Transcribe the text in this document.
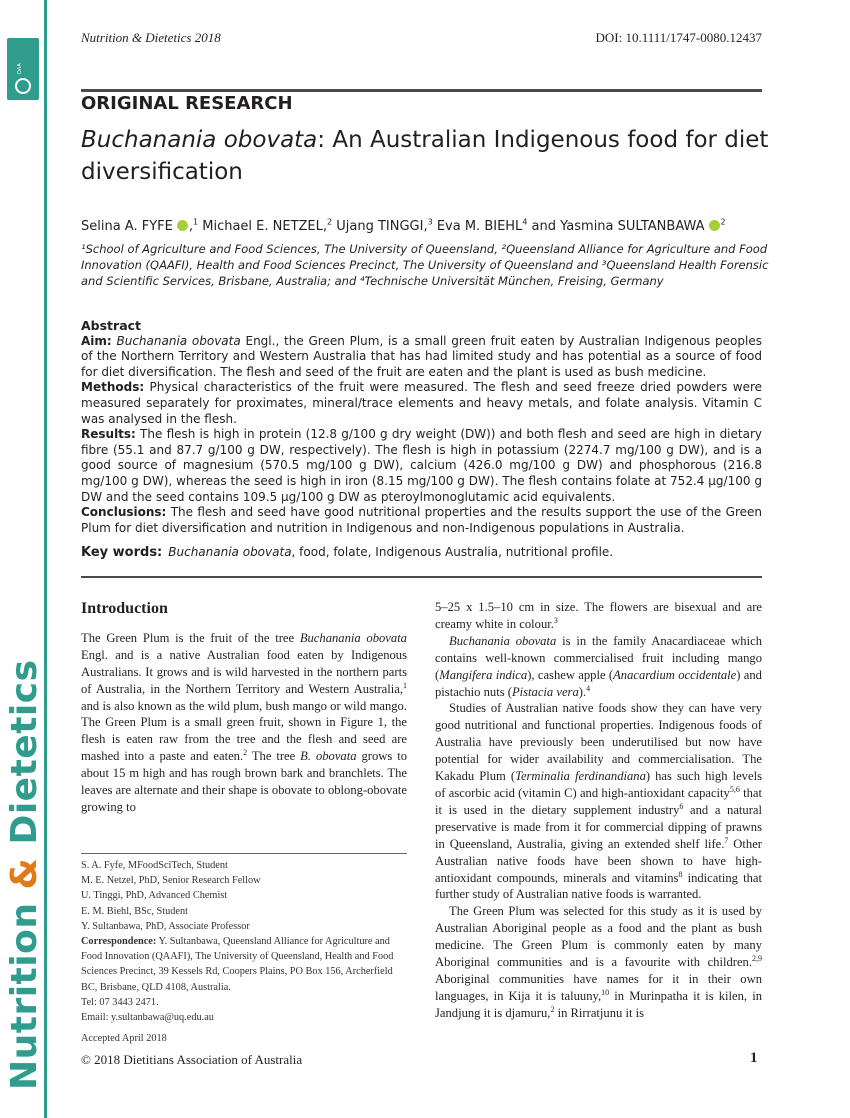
DAA
Nutrition & Dietetics
Nutrition & Dietetics 2018	DOI: 10.1111/1747-0080.12437
ORIGINAL RESEARCH
Buchanania obovata: An Australian Indigenous food for diet diversification
Selina A. FYFE ,$^1$ Michael E. NETZEL,$^2$ Ujang TINGGI,$^3$ Eva M. BIEHL$^4$ and Yasmina SULTANBAWA $^2$
¹School of Agriculture and Food Sciences, The University of Queensland, ²Queensland Alliance for Agriculture and Food Innovation (QAAFI), Health and Food Sciences Precinct, The University of Queensland and ³Queensland Health Forensic and Scientific Services, Brisbane, Australia; and ⁴Technische Universität München, Freising, Germany
Abstract

Aim: Buchanania obovata Engl., the Green Plum, is a small green fruit eaten by Australian Indigenous peoples of the Northern Territory and Western Australia that has had limited study and has potential as a source of food for diet diversification. The flesh and seed of the fruit are eaten and the plant is used as bush medicine.

Methods: Physical characteristics of the fruit were measured. The flesh and seed freeze dried powders were measured separately for proximates, mineral/trace elements and heavy metals, and folate analysis. Vitamin C was analysed in the flesh.

Results: The flesh is high in protein (12.8 g/100 g dry weight (DW)) and both flesh and seed are high in dietary fibre (55.1 and 87.7 g/100 g DW, respectively). The flesh is high in potassium (2274.7 mg/100 g DW), and is a good source of magnesium (570.5 mg/100 g DW), calcium (426.0 mg/100 g DW) and phosphorous (216.8 mg/100 g DW), whereas the seed is high in iron (8.15 mg/100 g DW). The flesh contains folate at 752.4 μg/100 g DW and the seed contains 109.5 μg/100 g DW as pteroylmonoglutamic acid equivalents.

Conclusions: The flesh and seed have good nutritional properties and the results support the use of the Green Plum for diet diversification and nutrition in Indigenous and non-Indigenous populations in Australia.

Key words: Buchanania obovata, food, folate, Indigenous Australia, nutritional profile.
Introduction

The Green Plum is the fruit of the tree Buchanania obovata Engl. and is a native Australian food eaten by Indigenous Australians. It grows and is wild harvested in the northern parts of Australia, in the Northern Territory and Western Australia,$^1$ and is also known as the wild plum, bush mango or wild mango. The Green Plum is a small green fruit, shown in Figure 1, the flesh is eaten raw from the tree and the flesh and seed are mashed into a paste and eaten.$^2$ The tree B. obovata grows to about 15 m high and has rough brown bark and branchlets. The leaves are alternate and their shape is obovate to oblong-obovate growing to

S. A. Fyfe, MFoodSciTech, Student
M. E. Netzel, PhD, Senior Research Fellow
U. Tinggi, PhD, Advanced Chemist
E. M. Biehl, BSc, Student
Y. Sultanbawa, PhD, Associate Professor
Correspondence: Y. Sultanbawa, Queensland Alliance for Agriculture and Food Innovation (QAAFI), The University of Queensland, Health and Food Sciences Precinct, 39 Kessels Rd, Coopers Plains, PO Box 156, Archerfield BC, Brisbane, QLD 4108, Australia.
Tel: 07 3443 2471.
Email: y.sultanbawa@uq.edu.au
Accepted April 2018

5–25 x 1.5–10 cm in size. The flowers are bisexual and are creamy white in colour.$^3$

Buchanania obovata is in the family Anacardiaceae which contains well-known commercialised fruit including mango (Mangifera indica), cashew apple (Anacardium occidentale) and pistachio nuts (Pistacia vera).$^4$

Studies of Australian native foods show they can have very good nutritional and functional properties. Indigenous foods of Australia have previously been underutilised but now have potential for wider availability and commercialisation. The Kakadu Plum (Terminalia ferdinandiana) has such high levels of ascorbic acid (vitamin C) and high-antioxidant capacity$^{5,6}$ that it is used in the dietary supplement industry$^6$ and a natural preservative is made from it for commercial dipping of prawns in Queensland, Australia, giving an extended shelf life.$^7$ Other Australian native foods have been shown to have high-antioxidant compounds, minerals and vitamins$^8$ indicating that further study of Australian native foods is warranted.

The Green Plum was selected for this study as it is used by Australian Aboriginal people as a food and the plant as bush medicine. The Green Plum is commonly eaten by many Aboriginal communities and is a favourite with children.$^{2,9}$ Aboriginal communities have names for it in their own languages, in Kija it is taluuny,$^{10}$ in Murinpatha it is kilen, in Jandjung it is djamuru,$^2$ in Rirratjunu it is

© 2018 Dietitians Association of Australia	1
